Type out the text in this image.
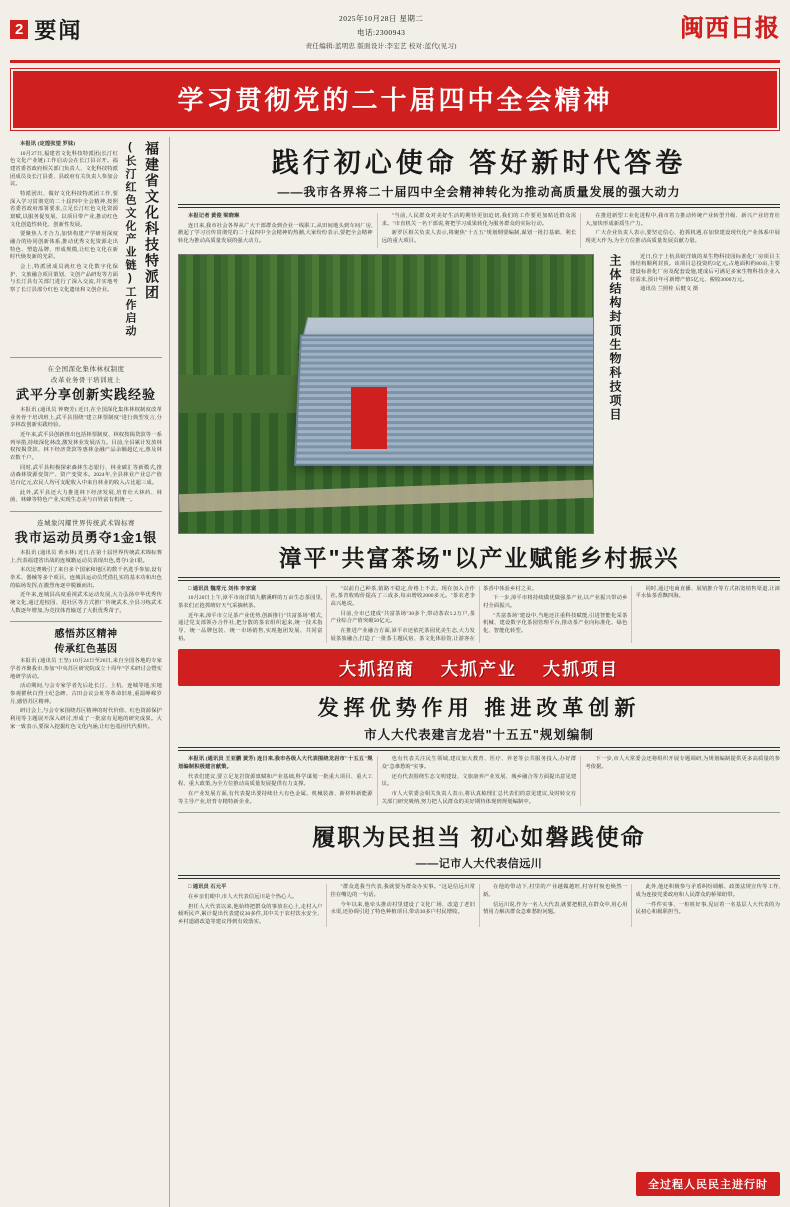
2 要闻	2025年10月28日 星期二
电话:2300943
责任编辑:蓝明忠 版面设计:李宏艺 校对:蓝代(见习)
闽西日报
学习贯彻党的二十届四中全会精神

本报讯 (定煌张望 罗妹)

10月27日,福建省文化科技特派团(长汀红色文化产业链)工作启动会在长汀县召开。福建省委省政府相关部门负责人、文化科技特派团成员及长汀县委、县政府有关负责人参加会议。

特派团出、做好文化科技特派团工作,要深入学习贯彻党的二十届四中全会精神,按照省委省政府部署要求,立足长汀红色文化资源禀赋,以服务促发展、以项目带产业,推动红色文化创造性转化、创新性发展。

要聚焦人才合力,加快构建产学研用深度融合的协同创新体系,推动优秀文化资源走出特色、塑造品牌、形成规模,让红色文化在新时代焕发新的光彩。

会上,特派团成员就红色文化数字化保护、文旅融合项目策划、文创产品研发等方面与长汀县有关部门进行了深入交流,并实地考察了长汀县部分红色文化遗址和文创企业。	(长汀红色文化产业链)工作启动 福建省文化科技特派团
在全国深化集体林权制度
改革业务骨干培训班上
武平分享创新实践经验

本报讯 (通讯员 钟晓芳) 近日,在全国深化集体林权制度改革业务骨干培训班上,武平县围绕"建立林票制度"进行典型发言,分享林改创新实践经验。

近年来,武平县创新推出包括林票制度、林权按揭贷款等一系列举措,持续深化林改,激发林业发展活力。目前,全县累计发放林权按揭贷款、林下经济贷款等惠林金融产品余额超亿元,惠及林农数千户。

同时,武平县积极探索森林生态银行、林业碳汇等新模式,推动森林资源变资产、资产变资本。2024年,全县林业产业总产值达百亿元,农民人均可支配收入中来自林业的收入占比超三成。

此外,武平县还大力推进林下经济发展,培育壮大林药、林菌、林蜂等特色产业,实现生态美与百姓富有机统一。

连城象闪耀世界传统武术锦标赛
我市运动员勇夺1金1银

本报讯 (通讯员 黄水林) 近日,在第十届世界传统武术锦标赛上,代表福建省出战的连城籍运动员表现出色,勇夺1金1银。

本次比赛吸引了来自多个国家和地区的数千名选手参加,设有拳术、器械等多个项目。连城县运动员凭借扎实的基本功和出色的临场发挥,在激烈角逐中脱颖而出。

近年来,连城县高度重视武术运动发展,大力弘扬中华优秀传统文化,通过进校园、进社区等方式推广传统武术,全县习练武术人数逐年增加,为竞技体育输送了大批优秀苗子。

感悟苏区精神
传承红色基因

本报讯 (通讯员 王坚) 10月24日至26日,来自全国各地的专家学者齐聚我市,参加"中央苏区研究院成立十周年"学术研讨会暨实地研学活动。

活动期间,与会专家学者先后赴长汀、上杭、连城等地,实地参观瞿秋白烈士纪念碑、古田会议会址等革命旧址,重温峥嵘岁月,感悟苏区精神。

研讨会上,与会专家围绕苏区精神的时代价值、红色资源保护利用等主题展开深入研讨,形成了一批富有见地的研究成果。大家一致表示,要深入挖掘红色文化内涵,让红色基因代代相传。

践行初心使命 答好新时代答卷
——我市各界将二十届四中全会精神转化为推动高质量发展的强大动力

本报记者 黄俊 梁晓琳

连日来,我市社会各界从广大干部群众到企业一线职工,从田间地头到车间厂房,掀起了学习宣传贯彻党的二十届四中全会精神的热潮,大家纷纷表示,要把全会精神转化为推动高质量发展的强大动力。

"当前,人民群众对美好生活的期待更加迫切,我们的工作要更加贴近群众需求。"市直机关一名干部说,将把学习成果转化为服务群众的实际行动。

新罗区相关负责人表示,将聚焦"十五五"规划纲要编制,谋划一批打基础、利长远的重大项目。

在推进新型工业化进程中,我市着力推动传统产业转型升级、新兴产业培育壮大,加快形成新质生产力。

广大企业负责人表示,要坚定信心、抢抓机遇,在加快建设现代化产业体系中展现更大作为,为全方位推动高质量发展贡献力量。

主体结构封顶生物科技项目	近日,位于上杭县蛟洋镇的某生物科技园标准化厂房项目主体结构顺利封顶。该项目总投资约3亿元,占地面积约80亩,主要建设标准化厂房及配套设施,建成后可满足多家生物科技企业入驻需求,预计年可新增产值5亿元、税收3000万元。

通讯员 兰照栓 后健文 摄

漳平"共富茶场"以产业赋能乡村振兴

□ 通讯员 魏常元 刘伟 李家富

10月20日上午,漳平市南洋镇九鹏溪畔的万亩生态茶园里,茶农们正抢抓晴好天气采摘秋茶。

近年来,漳平市立足茶产业优势,创新推行"共富茶场"模式,通过党支部领办合作社,把分散的茶农组织起来,统一技术指导、统一品牌包装、统一市场销售,实现抱团发展、共同富裕。

"以前自己种茶,销路不稳定,价格上不去。现在加入合作社,茶青收购价提高了三成多,每亩增收2000多元。"茶农老李高兴地说。

目前,全市已建成"共富茶场"30多个,带动茶农1.2万户,茶产业综合产值突破50亿元。

在推进产业融合方面,漳平市还依托茶园优美生态,大力发展茶旅融合,打造了一批茶主题民宿、茶文化体验馆,让游客在茶香中体验乡村之美。

下一步,漳平市将持续做优做强茶产业,以产业振兴带动乡村全面振兴。

"共富茶场"建设中,当地还注重科技赋能,引进智能化采茶机械、建设数字化茶园管理平台,推动茶产业向标准化、绿色化、智能化转型。

同时,通过电商直播、展销推介等方式拓宽销售渠道,让漳平水仙茶香飘四海。

大抓招商 大抓产业 大抓项目
发挥优势作用 推进改革创新
市人大代表建言龙岩"十五五"规划编制

本报讯 (通讯员 王亚鹏 黄芳) 连日来,我市各级人大代表围绕龙岩市"十五五"规划编制积极建言献策。

代表们建议,要立足龙岩资源禀赋和产业基础,科学谋划一批重大项目、重大工程、重大政策,为全方位推动高质量发展提供有力支撑。

在产业发展方面,有代表提出要持续壮大有色金属、机械装备、新材料新能源等主导产业,培育专精特新企业。

也有代表关注民生领域,建议加大教育、医疗、养老等公共服务投入,办好群众"急难愁盼"实事。

还有代表围绕生态文明建设、文旅康养产业发展、城乡融合等方面提出意见建议。

市人大常委会相关负责人表示,将认真梳理汇总代表们的意见建议,及时转交有关部门研究吸纳,努力把人民群众的美好期待体现到规划编制中。

下一步,市人大常委会还将组织开展专题调研,为规划编制提供更多高质量的参考依据。

履职为民担当 初心如磐践使命
——记市人大代表信远川

□ 通讯员 石元平

在乡亲们眼中,市人大代表信远川是个热心人。

担任人大代表以来,他始终把群众的事放在心上,走村入户倾听民声,累计提出代表建议30多件,其中关于农村饮水安全、乡村道路改造等建议得到有效落实。

"群众选我当代表,我就要为群众办实事。"这是信远川常挂在嘴边的一句话。

今年以来,他牵头推动村里建设了文化广场、改造了老旧水渠,还协调引进了特色种植项目,带动30多户村民增收。

在他的带动下,村里的产业越做越旺,村容村貌也焕然一新。

信远川说,作为一名人大代表,就要把根扎在群众中,用心用情用力解决群众急难愁盼问题。

此外,他还积极参与矛盾纠纷调解、政策法规宣传等工作,成为连接党委政府和人民群众的桥梁纽带。

一件件实事、一桩桩好事,见证着一名基层人大代表的为民初心和履职担当。

全过程人民民主进行时
